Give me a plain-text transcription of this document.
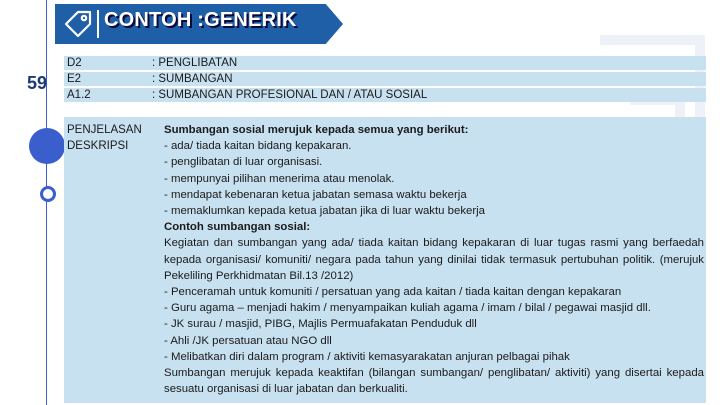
59
CONTOH :GENERIK
D2	: PENGLIBATAN
E2	: SUMBANGAN
A1.2	: SUMBANGAN PROFESIONAL DAN / ATAU SOSIAL
PENJELASAN
DESKRIPSI
Sumbangan sosial merujuk kepada semua yang berikut:
- ada/ tiada kaitan bidang kepakaran.
- penglibatan di luar organisasi.
- mempunyai pilihan menerima atau menolak.
- mendapat kebenaran ketua jabatan semasa waktu bekerja
- memaklumkan kepada ketua jabatan jika di luar waktu bekerja
Contoh sumbangan sosial:
Kegiatan dan sumbangan yang ada/ tiada kaitan bidang kepakaran di luar tugas rasmi yang berfaedah kepada organisasi/ komuniti/ negara pada tahun yang dinilai tidak termasuk pertubuhan politik. (merujuk Pekeliling Perkhidmatan Bil.13 /2012)
- Penceramah untuk komuniti / persatuan yang ada kaitan / tiada kaitan dengan kepakaran
- Guru agama – menjadi hakim / menyampaikan kuliah agama / imam / bilal / pegawai masjid dll.
- JK surau / masjid, PIBG, Majlis Permuafakatan Penduduk dll
- Ahli /JK persatuan atau NGO dll
- Melibatkan diri dalam program / aktiviti kemasyarakatan anjuran pelbagai pihak
Sumbangan merujuk kepada keaktifan (bilangan sumbangan/ penglibatan/ aktiviti) yang disertai kepada sesuatu organisasi di luar jabatan dan berkualiti.
